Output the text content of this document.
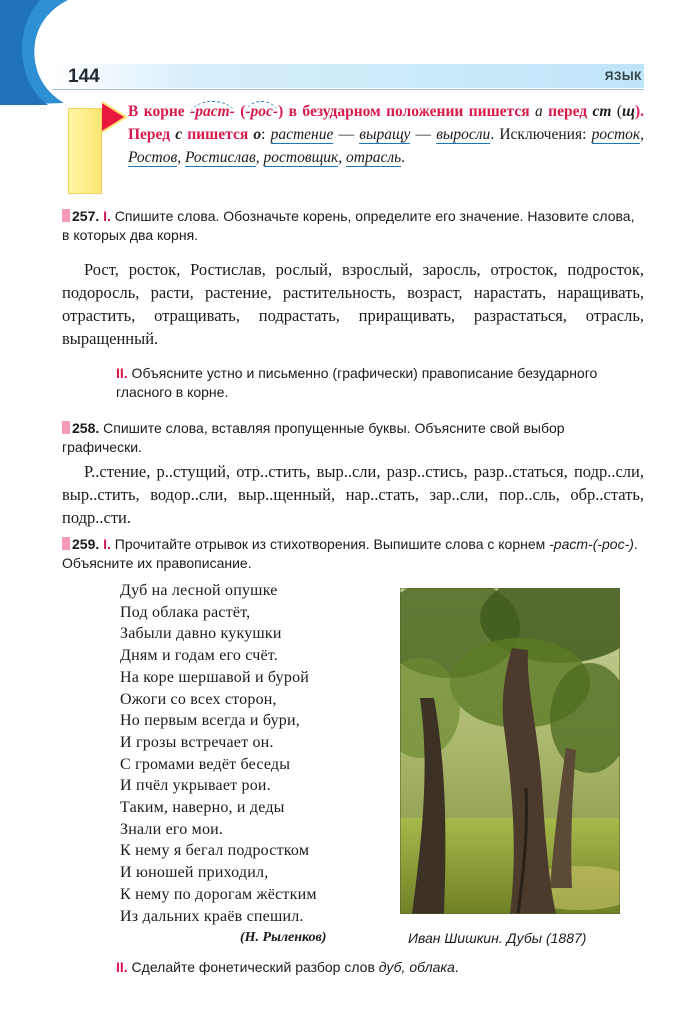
144	ЯЗЫК
В корне -раст- (-рос-) в безударном положении пишется а перед ст (щ). Перед с пишется о: растение — выращу — выросли. Исключения: росток, Ростов, Ростислав, ростовщик, отрасль.
257. I. Спишите слова. Обозначьте корень, определите его значение. Назовите слова, в которых два корня.
Рост, росток, Ростислав, рослый, взрослый, заросль, отросток, подросток, подоросль, расти, растение, растительность, возраст, нарастать, наращивать, отрастить, отращивать, подрастать, приращивать, разрастаться, отрасль, выращенный.
II. Объясните устно и письменно (графически) правописание безударного гласного в корне.
258. Спишите слова, вставляя пропущенные буквы. Объясните свой выбор графически.
Р..стение, р..стущий, отр..стить, выр..сли, разр..стись, разр..статься, подр..сли, выр..стить, водор..сли, выр..щенный, нар..стать, зар..сли, пор..сль, обр..стать, подр..сти.
259. I. Прочитайте отрывок из стихотворения. Выпишите слова с корнем -раст-(-рос-). Объясните их правописание.
Дуб на лесной опушке
Под облака растёт,
Забыли давно кукушки
Дням и годам его счёт.
На коре шершавой и бурой
Ожоги со всех сторон,
Но первым всегда и бури,
И грозы встречает он.
С громами ведёт беседы
И пчёл укрывает рои.
Таким, наверно, и деды
Знали его мои.
К нему я бегал подростком
И юношей приходил,
К нему по дорогам жёстким
Из дальних краёв спешил.
(Н. Рыленков)	Иван Шишкин. Дубы (1887)
II. Сделайте фонетический разбор слов дуб, облака.
